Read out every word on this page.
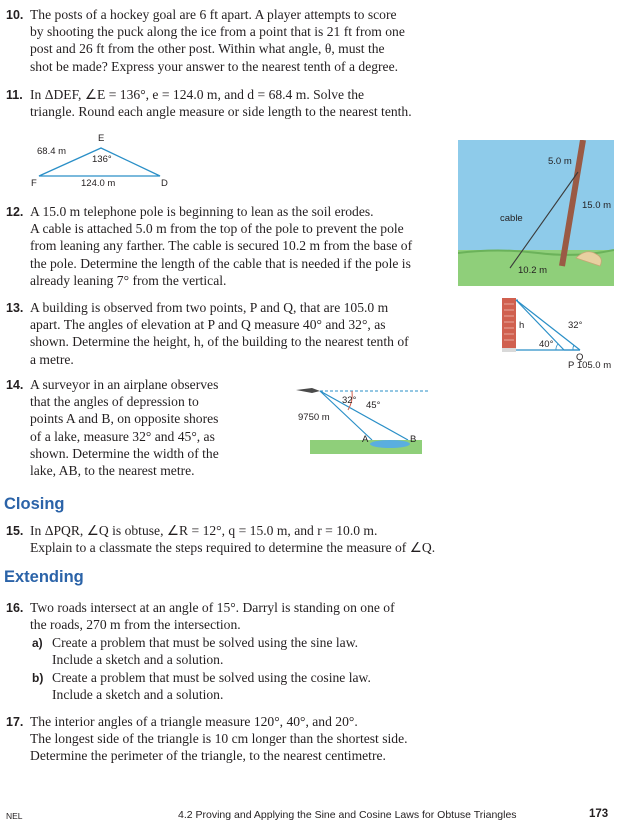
10. The posts of a hockey goal are 6 ft apart. A player attempts to score

by shooting the puck along the ice from a point that is 21 ft from one

post and 26 ft from the other post. Within what angle, θ, must the

shot be made? Express your answer to the nearest tenth of a degree.

11. In ΔDEF, ∠E = 136°, e = 124.0 m, and d = 68.4 m. Solve the

triangle. Round each angle measure or side length to the nearest tenth.

E
68.4 m
136°
F	124.0 m	D
12. A 15.0 m telephone pole is beginning to lean as the soil erodes.

A cable is attached 5.0 m from the top of the pole to prevent the pole

from leaning any farther. The cable is secured 10.2 m from the base of

the pole. Determine the length of the cable that is needed if the pole is

already leaning 7° from the vertical.

5.0 m
15.0 m
cable
10.2 m
13. A building is observed from two points, P and Q, that are 105.0 m

apart. The angles of elevation at P and Q measure 40° and 32°, as

shown. Determine the height, h, of the building to the nearest tenth of

a metre.

h	32°
40°
Q
P 105.0 m
14. A surveyor in an airplane observes

that the angles of depression to

points A and B, on opposite shores

of a lake, measure 32° and 45°, as

shown. Determine the width of the

lake, AB, to the nearest metre.

32° 45°
9750 m
A	B
Closing
15. In ΔPQR, ∠Q is obtuse, ∠R = 12°, q = 15.0 m, and r = 10.0 m.

Explain to a classmate the steps required to determine the measure of ∠Q.

Extending
16. Two roads intersect at an angle of 15°. Darryl is standing on one of

the roads, 270 m from the intersection.

a) Create a problem that must be solved using the sine law.
Include a sketch and a solution.
b) Create a problem that must be solved using the cosine law.
Include a sketch and a solution.
17. The interior angles of a triangle measure 120°, 40°, and 20°.

The longest side of the triangle is 10 cm longer than the shortest side.

Determine the perimeter of the triangle, to the nearest centimetre.

NEL	4.2 Proving and Applying the Sine and Cosine Laws for Obtuse Triangles	173
